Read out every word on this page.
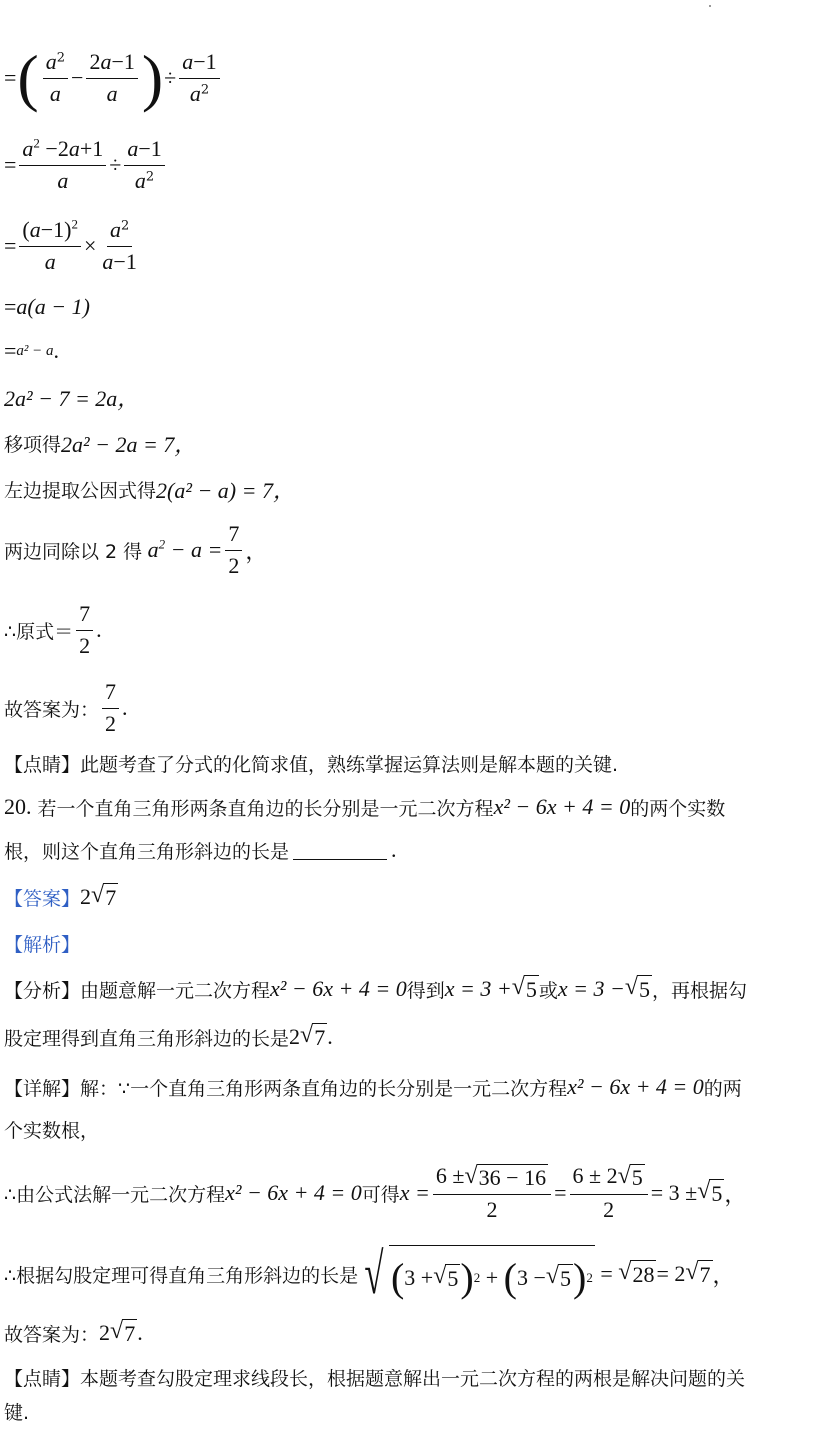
= ( $\frac{a^2}{a} - \frac{2a-1}{a}$ ) ÷ $\frac{a-1}{a^2}$
= $\frac{a^2 -2a+1}{a} \div \frac{a-1}{a^2}$
= $\frac{(a-1)^2}{a} \times \frac{a^2}{a-1}$
= a(a − 1)
= a² − a .
2a² − 7 = 2a，
移项得 2a² − 2a = 7，
左边提取公因式得 2(a² − a) = 7，
两边同除以 2 得 $a^2 - a = \frac{7}{2}$ ，
∴原式＝ $\frac{7}{2}$ .
故答案为： $\frac{7}{2}$ .
【点睛】 此题考查了分式的化简求值，熟练掌握运算法则是解本题的关键.
20.
若一个直角三角形两条直角边的长分别是一元二次方程 x² − 6x + 4 = 0 的两个实数
根，则这个直角三角形斜边的长是	.
【答案】 2 √ 7
【解析】
【分析】 由题意解一元二次方程 x² − 6x + 4 = 0 得到 x = 3 + √ 5 或 x = 3 − √ 5 ，再根据勾
股定理得到直角三角形斜边的长是 2 √ 7 .
【详解】 解：∵一个直角三角形两条直角边的长分别是一元二次方程 x² − 6x + 4 = 0 的两
个实数根，
∴由公式法解一元二次方程 x² − 6x + 4 = 0 可得 $x = \frac{6 \pm √ 36 - 16}{2} = \frac{6 \pm 2 √ 5}{2} = 3$ ± √ 5 ，
∴根据勾股定理可得直角三角形斜边的长是 √ ( 3 + √ 5 ) 2 + ( 3 − √ 5 ) 2 = √ 28 = 2 √ 7 ，
故答案为： 2 √ 7 .
【点睛】 本题考查勾股定理求线段长，根据题意解出一元二次方程的两根是解决问题的关
键.
